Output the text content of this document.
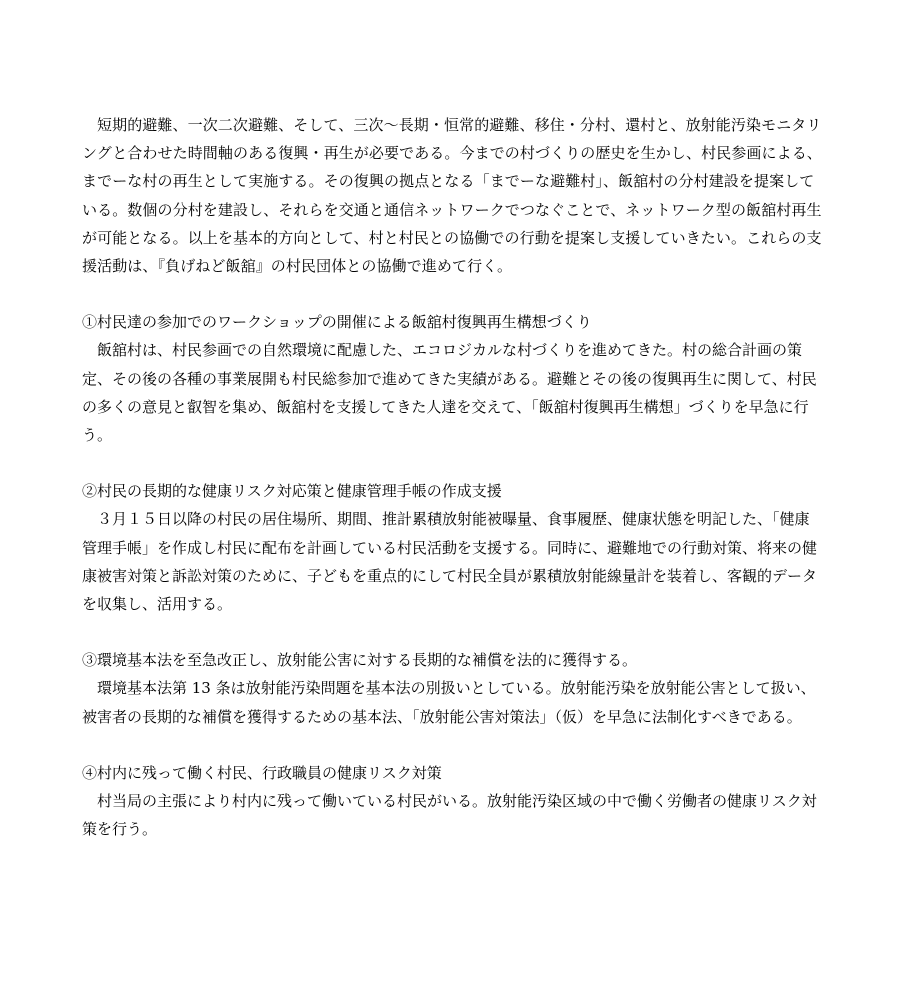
短期的避難、一次二次避難、そして、三次～長期・恒常的避難、移住・分村、還村と、放射能汚染モニタリングと合わせた時間軸のある復興・再生が必要である。今までの村づくりの歴史を生かし、村民参画による、までーな村の再生として実施する。その復興の拠点となる「までーな避難村」、飯舘村の分村建設を提案している。数個の分村を建設し、それらを交通と通信ネットワークでつなぐことで、ネットワーク型の飯舘村再生が可能となる。以上を基本的方向として、村と村民との協働での行動を提案し支援していきたい。これらの支援活動は、『負げねど飯舘』の村民団体との協働で進めて行く。

①村民達の参加でのワークショップの開催による飯舘村復興再生構想づくり

飯舘村は、村民参画での自然環境に配慮した、エコロジカルな村づくりを進めてきた。村の総合計画の策定、その後の各種の事業展開も村民総参加で進めてきた実績がある。避難とその後の復興再生に関して、村民の多くの意見と叡智を集め、飯舘村を支援してきた人達を交えて、「飯舘村復興再生構想」づくりを早急に行う。

②村民の長期的な健康リスク対応策と健康管理手帳の作成支援

３月１５日以降の村民の居住場所、期間、推計累積放射能被曝量、食事履歴、健康状態を明記した、「健康管理手帳」を作成し村民に配布を計画している村民活動を支援する。同時に、避難地での行動対策、将来の健康被害対策と訴訟対策のために、子どもを重点的にして村民全員が累積放射能線量計を装着し、客観的データを収集し、活用する。

③環境基本法を至急改正し、放射能公害に対する長期的な補償を法的に獲得する。

環境基本法第 13 条は放射能汚染問題を基本法の別扱いとしている。放射能汚染を放射能公害として扱い、被害者の長期的な補償を獲得するための基本法、「放射能公害対策法」（仮）を早急に法制化すべきである。

④村内に残って働く村民、行政職員の健康リスク対策

村当局の主張により村内に残って働いている村民がいる。放射能汚染区域の中で働く労働者の健康リスク対策を行う。
